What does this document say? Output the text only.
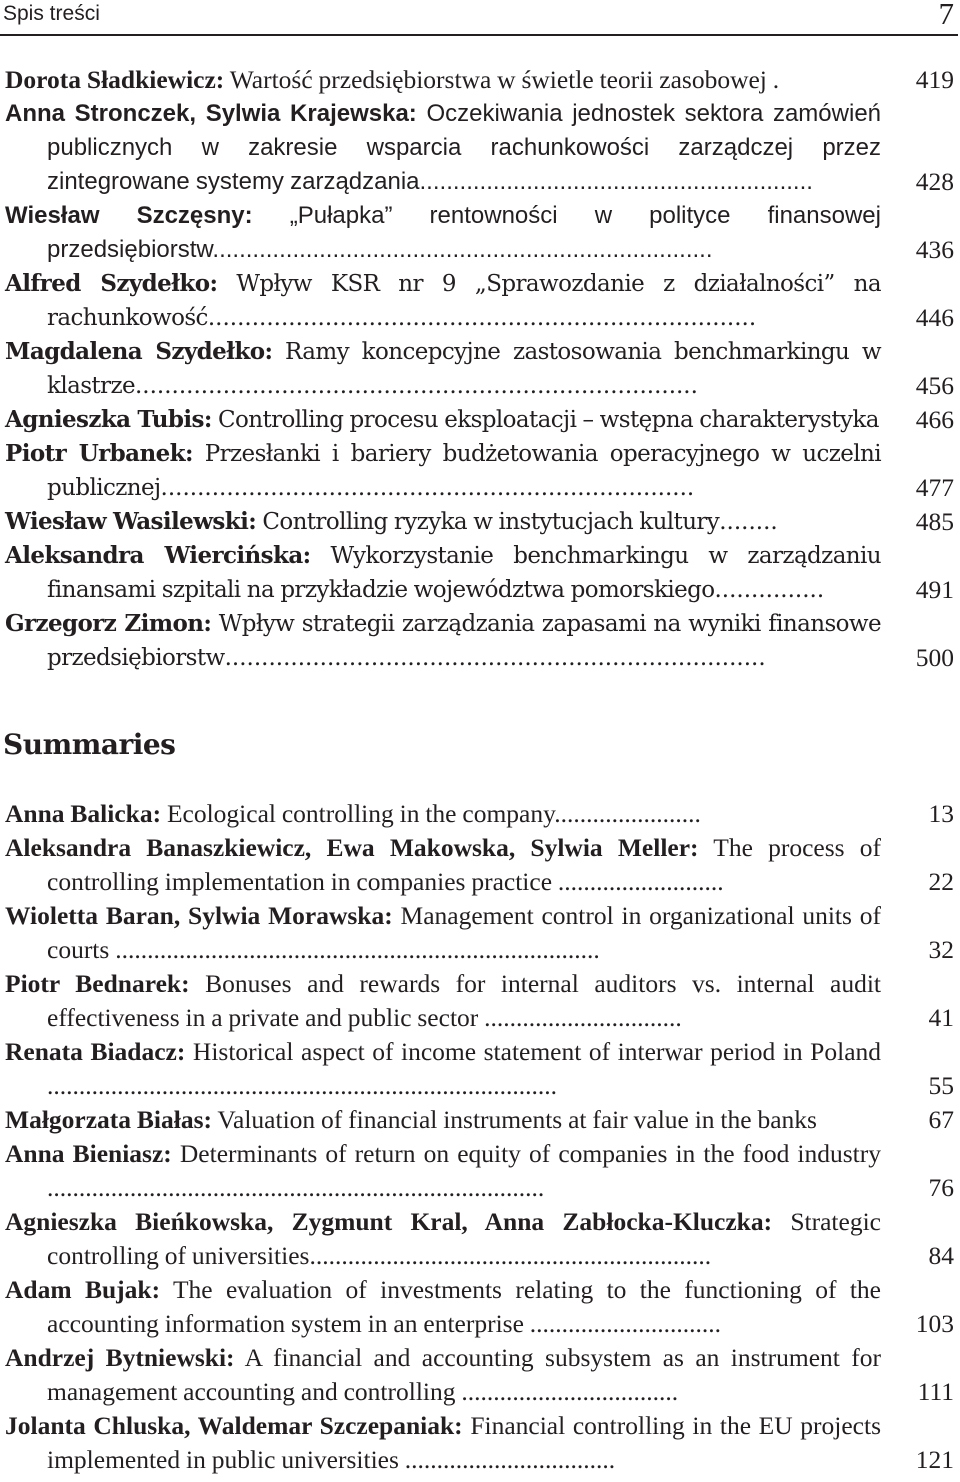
Spis treści	7
Dorota Sładkiewicz: Wartość przedsiębiorstwa w świetle teorii zasobowej .	419
Anna Stronczek, Sylwia Krajewska: Oczekiwania jednostek sektora zamówień publicznych w zakresie wsparcia rachunkowości zarządczej przez zintegrowane systemy zarządzania...........................................................	428
Wiesław Szczęsny: „Pułapka” rentowności w polityce finansowej przedsiębiorstw...........................................................................	436
Alfred Szydełko: Wpływ KSR nr 9 „Sprawozdanie z działalności” na rachunkowość...........................................................................	446
Magdalena Szydełko: Ramy koncepcyjne zastosowania benchmarkingu w klastrze.............................................................................	456
Agnieszka Tubis: Controlling procesu eksploatacji – wstępna charakterystyka	466
Piotr Urbanek: Przesłanki i bariery budżetowania operacyjnego w uczelni publicznej.........................................................................	477
Wiesław Wasilewski: Controlling ryzyka w instytucjach kultury........	485
Aleksandra Wiercińska: Wykorzystanie benchmarkingu w zarządzaniu finansami szpitali na przykładzie województwa pomorskiego...............	491
Grzegorz Zimon: Wpływ strategii zarządzania zapasami na wyniki finansowe przedsiębiorstw..........................................................................	500
Summaries
Anna Balicka: Ecological controlling in the company.......................	13
Aleksandra Banaszkiewicz, Ewa Makowska, Sylwia Meller: The process of controlling implementation in companies practice ..........................	22
Wioletta Baran, Sylwia Morawska: Management control in organizational units of courts ............................................................................	32
Piotr Bednarek: Bonuses and rewards for internal auditors vs. internal audit effectiveness in a private and public sector ...............................	41
Renata Biadacz: Historical aspect of income statement of interwar period in Poland ................................................................................	55
Małgorzata Białas: Valuation of financial instruments at fair value in the banks	67
Anna Bieniasz: Determinants of return on equity of companies in the food industry ..............................................................................	76
Agnieszka Bieńkowska, Zygmunt Kral, Anna Zabłocka-Kluczka: Strategic controlling of universities...............................................................	84
Adam Bujak: The evaluation of investments relating to the functioning of the accounting information system in an enterprise ..............................	103
Andrzej Bytniewski: A financial and accounting subsystem as an instrument for management accounting and controlling ..................................	111
Jolanta Chluska, Waldemar Szczepaniak: Financial controlling in the EU projects implemented in public universities .................................	121
